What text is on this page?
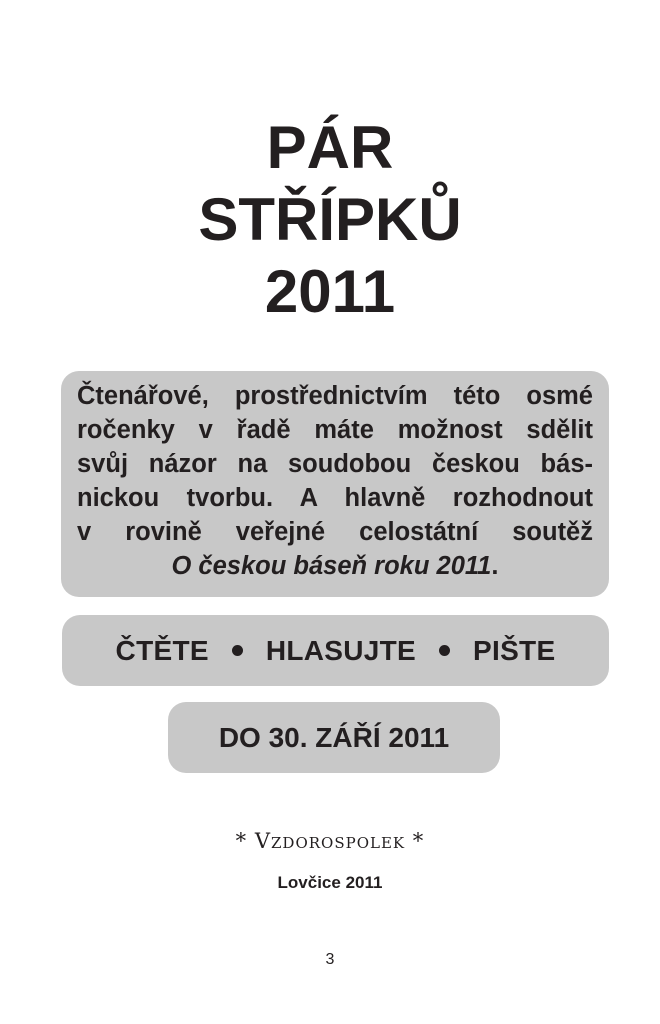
PÁR
STŘÍPKŮ
2011
Čtenářové, prostřednictvím této osmé
ročenky v řadě máte možnost sdělit
svůj názor na soudobou českou bás-
nickou tvorbu. A hlavně rozhodnout
v rovině veřejné celostátní soutěž
O českou báseň roku 2011.
ČTĚTE HLASUJTE PIŠTE
DO 30. ZÁŘÍ 2011
* Vzdorospolek *
Lovčice 2011
3
